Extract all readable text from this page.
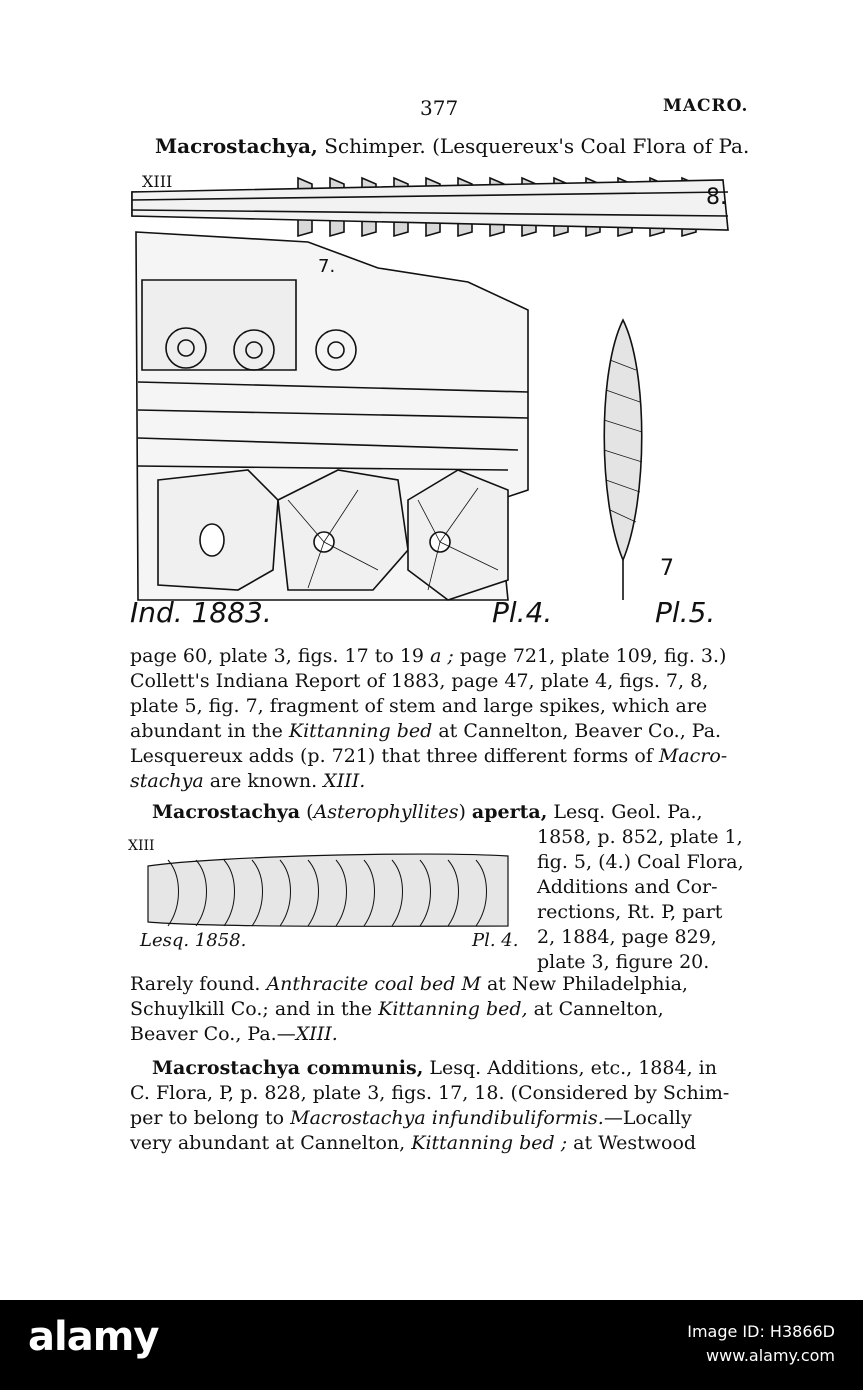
377	MACRO.
Macrostachya, Schimper. (Lesquereux's Coal Flora of Pa.
8.
7.
7
XIII
Ind. 1883.	Pl.4.	Pl.5.
page 60, plate 3, figs. 17 to 19 a ; page 721, plate 109, fig. 3.)
Collett's Indiana Report of 1883, page 47, plate 4, figs. 7, 8,
plate 5, fig. 7, fragment of stem and large spikes, which are
abundant in the Kittanning bed at Cannelton, Beaver Co., Pa.
Lesquereux adds (p. 721) that three different forms of Macro-
stachya are known. XIII.
Macrostachya (Asterophyllites) aperta, Lesq. Geol. Pa.,
1858, p. 852, plate 1,
fig. 5, (4.) Coal Flora,
Additions and Cor-
rections, Rt. P, part
2, 1884, page 829,
plate 3, figure 20.
XIII
Lesq. 1858.	Pl. 4.
Rarely found. Anthracite coal bed M at New Philadelphia,
Schuylkill Co.; and in the Kittanning bed, at Cannelton,
Beaver Co., Pa.—XIII.
Macrostachya communis, Lesq. Additions, etc., 1884, in
C. Flora, P, p. 828, plate 3, figs. 17, 18. (Considered by Schim-
per to belong to Macrostachya infundibuliformis.—Locally
very abundant at Cannelton, Kittanning bed ; at Westwood
alamy	Image ID: H3866D
www.alamy.com
